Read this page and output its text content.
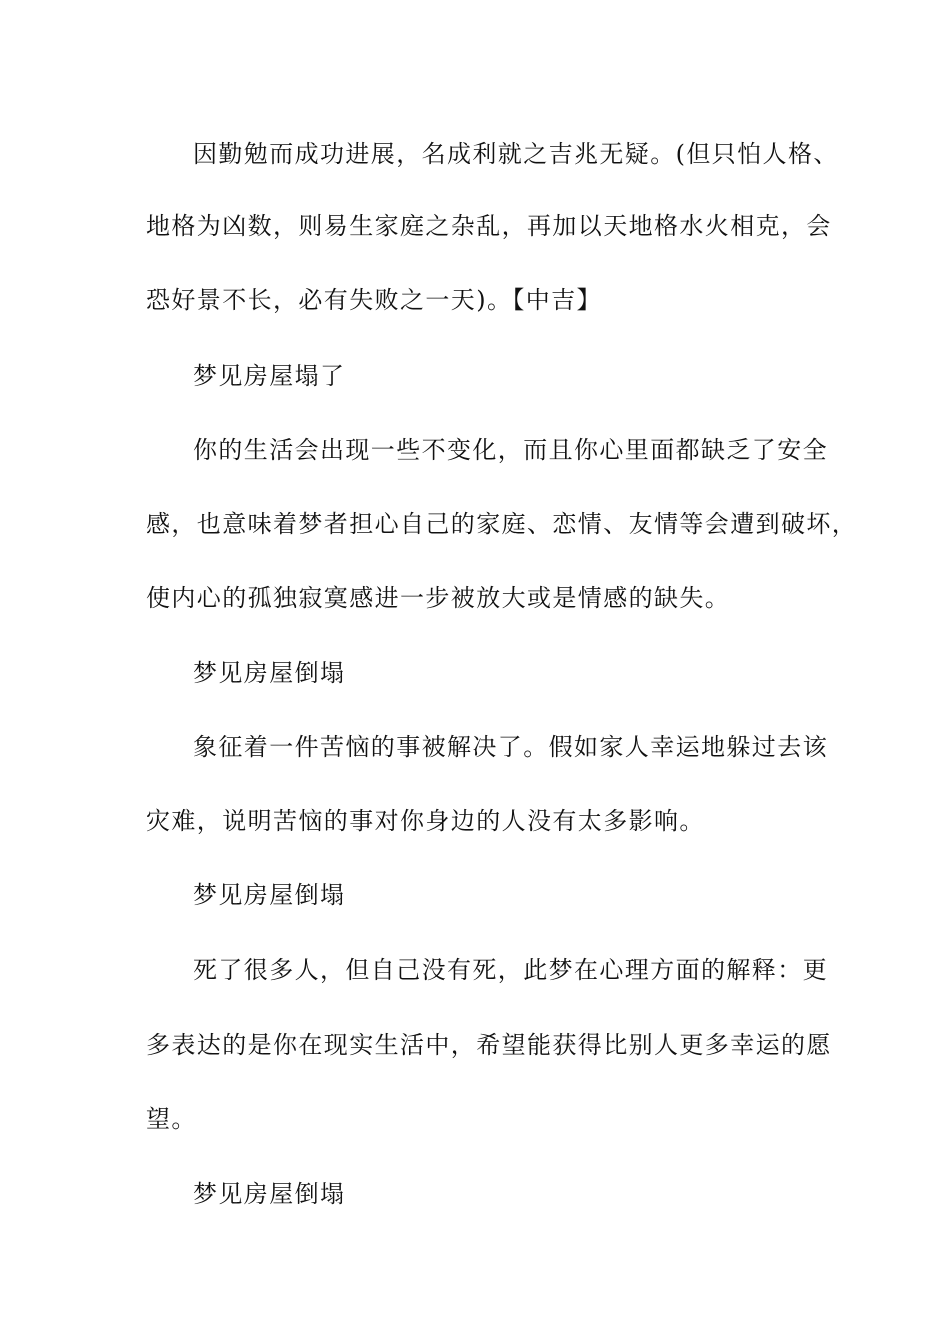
因勤勉而成功进展，名成利就之吉兆无疑。(但只怕人格、
地格为凶数，则易生家庭之杂乱，再加以天地格水火相克，会
恐好景不长，必有失败之一天)。【中吉】
梦见房屋塌了
你的生活会出现一些不变化，而且你心里面都缺乏了安全
感，也意味着梦者担心自己的家庭、恋情、友情等会遭到破坏，
使内心的孤独寂寞感进一步被放大或是情感的缺失。
梦见房屋倒塌
象征着一件苦恼的事被解决了。假如家人幸运地躲过去该
灾难，说明苦恼的事对你身边的人没有太多影响。
梦见房屋倒塌
死了很多人，但自己没有死，此梦在心理方面的解释：更
多表达的是你在现实生活中，希望能获得比别人更多幸运的愿
望。
梦见房屋倒塌
